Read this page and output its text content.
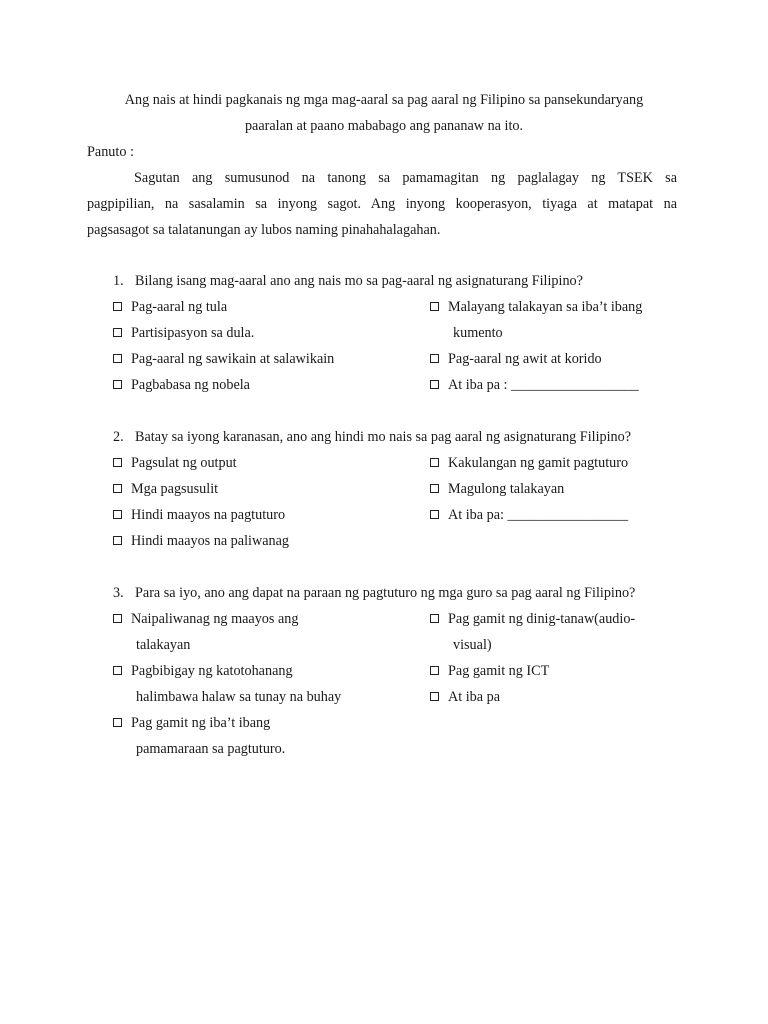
Ang nais at hindi pagkanais ng mga mag-aaral sa pag aaral ng Filipino sa pansekundaryang
paaralan at paano mababago ang pananaw na ito.
Panuto :
Sagutan ang sumusunod na tanong sa pamamagitan ng paglalagay ng TSEK sa
pagpipilian, na sasalamin sa inyong sagot. Ang inyong kooperasyon, tiyaga at matapat na
pagsasagot sa talatanungan ay lubos naming pinahahalagahan.
1. Bilang isang mag-aaral ano ang nais mo sa pag-aaral ng asignaturang Filipino?
Pag-aaral ng tula
Partisipasyon sa dula.
Pag-aaral ng sawikain at salawikain
Pagbabasa ng nobela
Malayang talakayan sa iba’t ibang
kumento
Pag-aaral ng awit at korido
At iba pa : __________________
2. Batay sa iyong karanasan, ano ang hindi mo nais sa pag aaral ng asignaturang Filipino?
Pagsulat ng output
Mga pagsusulit
Hindi maayos na pagtuturo
Hindi maayos na paliwanag
Kakulangan ng gamit pagtuturo
Magulong talakayan
At iba pa: _________________
3. Para sa iyo, ano ang dapat na paraan ng pagtuturo ng mga guro sa pag aaral ng Filipino?
Naipaliwanag ng maayos ang
talakayan
Pagbibigay ng katotohanang
halimbawa halaw sa tunay na buhay
Pag gamit ng iba’t ibang
pamamaraan sa pagtuturo.
Pag gamit ng dinig-tanaw(audio-
visual)
Pag gamit ng ICT
At iba pa
